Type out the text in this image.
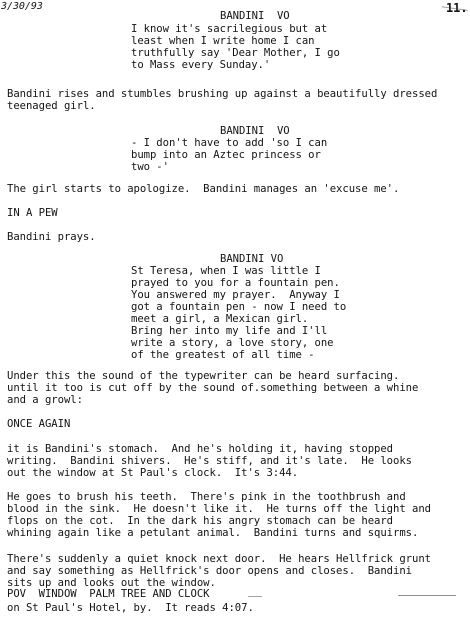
3/30/93	11.
BANDINI  VO
I know it's sacrilegious but at
least when I write home I can
truthfully say 'Dear Mother, I go
to Mass every Sunday.'
Bandini rises and stumbles brushing up against a beautifully dressed
teenaged girl.
BANDINI  VO
- I don't have to add 'so I can
bump into an Aztec princess or
two -'
The girl starts to apologize.  Bandini manages an 'excuse me'.
IN A PEW
Bandini prays.
BANDINI VO
St Teresa, when I was little I
prayed to you for a fountain pen.
You answered my prayer.  Anyway I
got a fountain pen - now I need to
meet a girl, a Mexican girl.
Bring her into my life and I'll
write a story, a love story, one
of the greatest of all time -
Under this the sound of the typewriter can be heard surfacing.
until it too is cut off by the sound of.something between a whine
and a growl:
ONCE AGAIN
it is Bandini's stomach.  And he's holding it, having stopped
writing.  Bandini shivers.  He's stiff, and it's late.  He looks
out the window at St Paul's clock.  It's 3:44.
He goes to brush his teeth.  There's pink in the toothbrush and
blood in the sink.  He doesn't like it.  He turns off the light and
flops on the cot.  In the dark his angry stomach can be heard
whining again like a petulant animal.  Bandini turns and squirms.
There's suddenly a quiet knock next door.  He hears Hellfrick grunt
and say something as Hellfrick's door opens and closes.  Bandini
sits up and looks out the window.
POV  WINDOW  PALM TREE AND CLOCK
on St Paul's Hotel, by.  It reads 4:07.
